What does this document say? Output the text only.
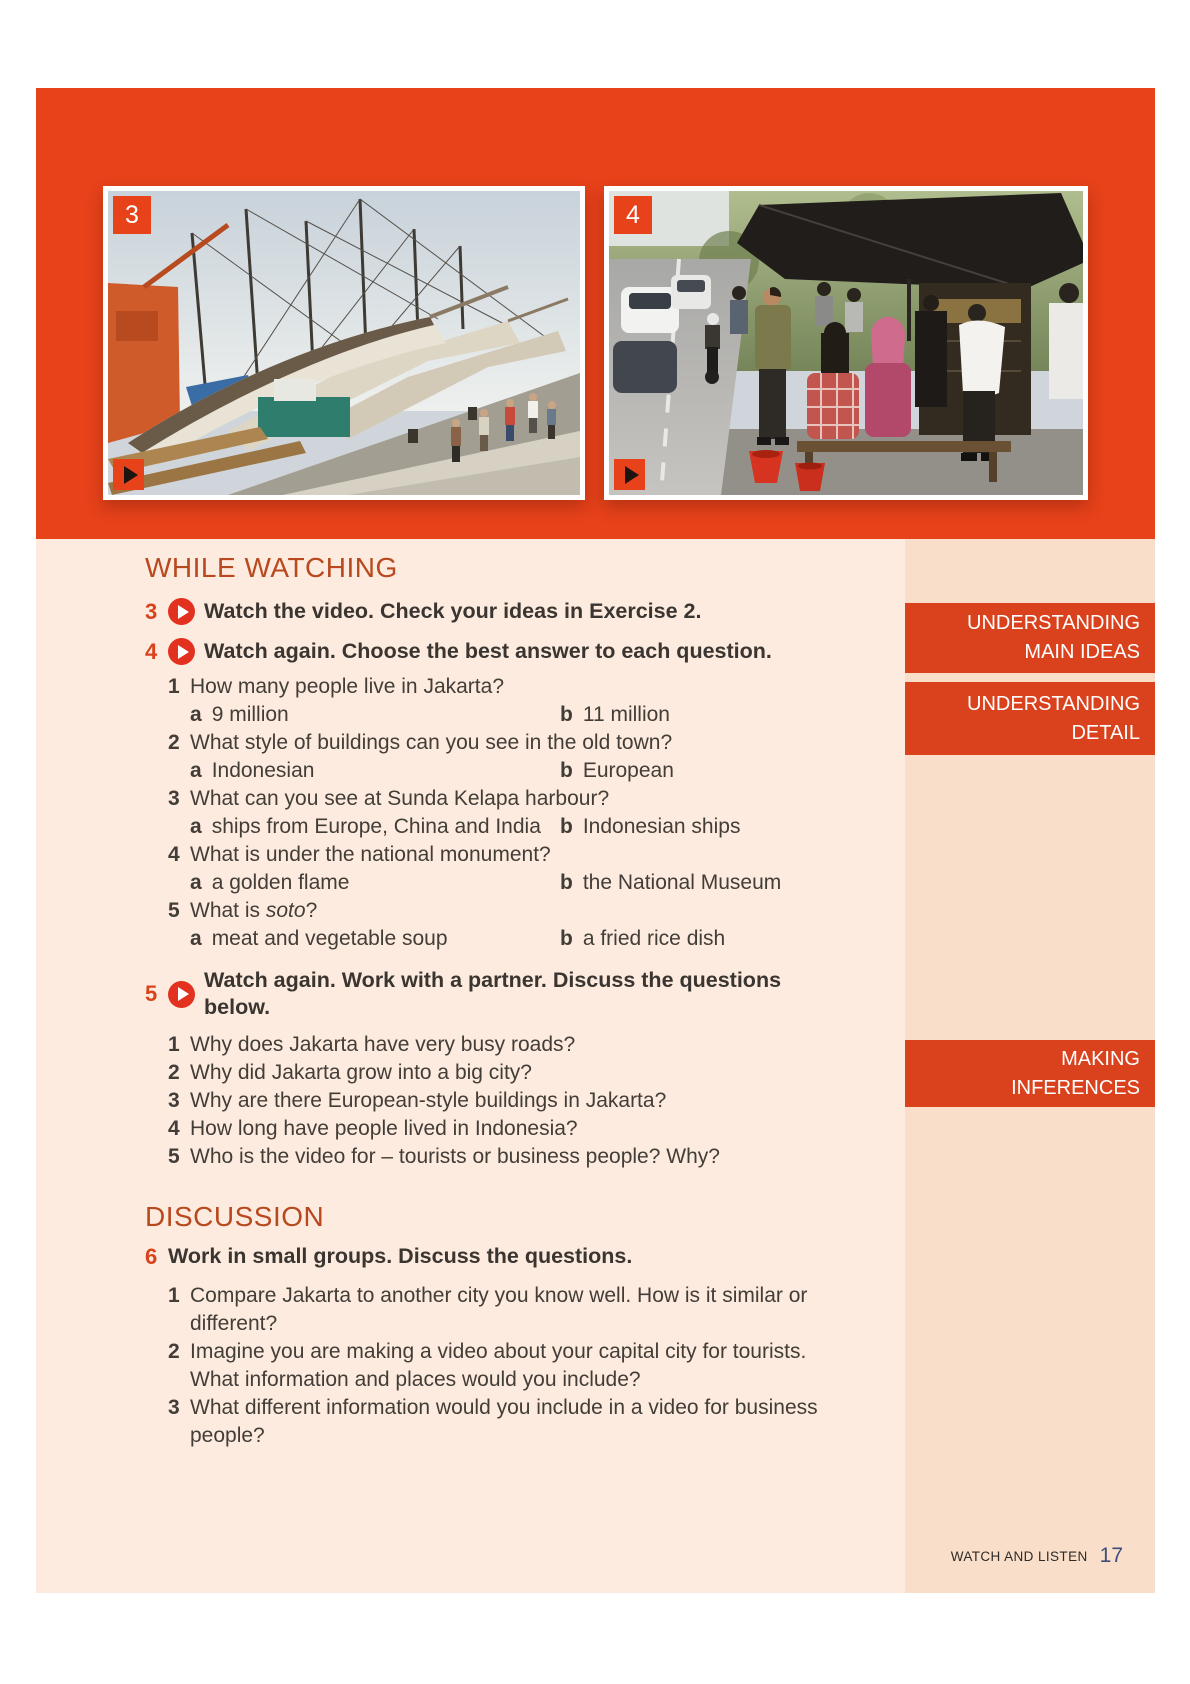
3	4
WHILE WATCHING
3 Watch the video. Check your ideas in Exercise 2.
4 Watch again. Choose the best answer to each question.
1 How many people live in Jakarta?
a 9 million	b 11 million
2 What style of buildings can you see in the old town?
a Indonesian	b European
3 What can you see at Sunda Kelapa harbour?
a ships from Europe, China and India b Indonesian ships
4 What is under the national monument?
a a golden flame	b the National Museum
5 What is soto?
a meat and vegetable soup	b a fried rice dish
5
Watch again. Work with a partner. Discuss the questions below.
1 Why does Jakarta have very busy roads?
2 Why did Jakarta grow into a big city?
3 Why are there European-style buildings in Jakarta?
4 How long have people lived in Indonesia?
5 Who is the video for – tourists or business people? Why?
DISCUSSION
6 Work in small groups. Discuss the questions.
1 Compare Jakarta to another city you know well. How is it similar or different?
2 Imagine you are making a video about your capital city for tourists. What information and places would you include?
3 What different information would you include in a video for business people?
UNDERSTANDING
MAIN IDEAS
UNDERSTANDING
DETAIL
MAKING
INFERENCES
WATCH AND LISTEN 17
